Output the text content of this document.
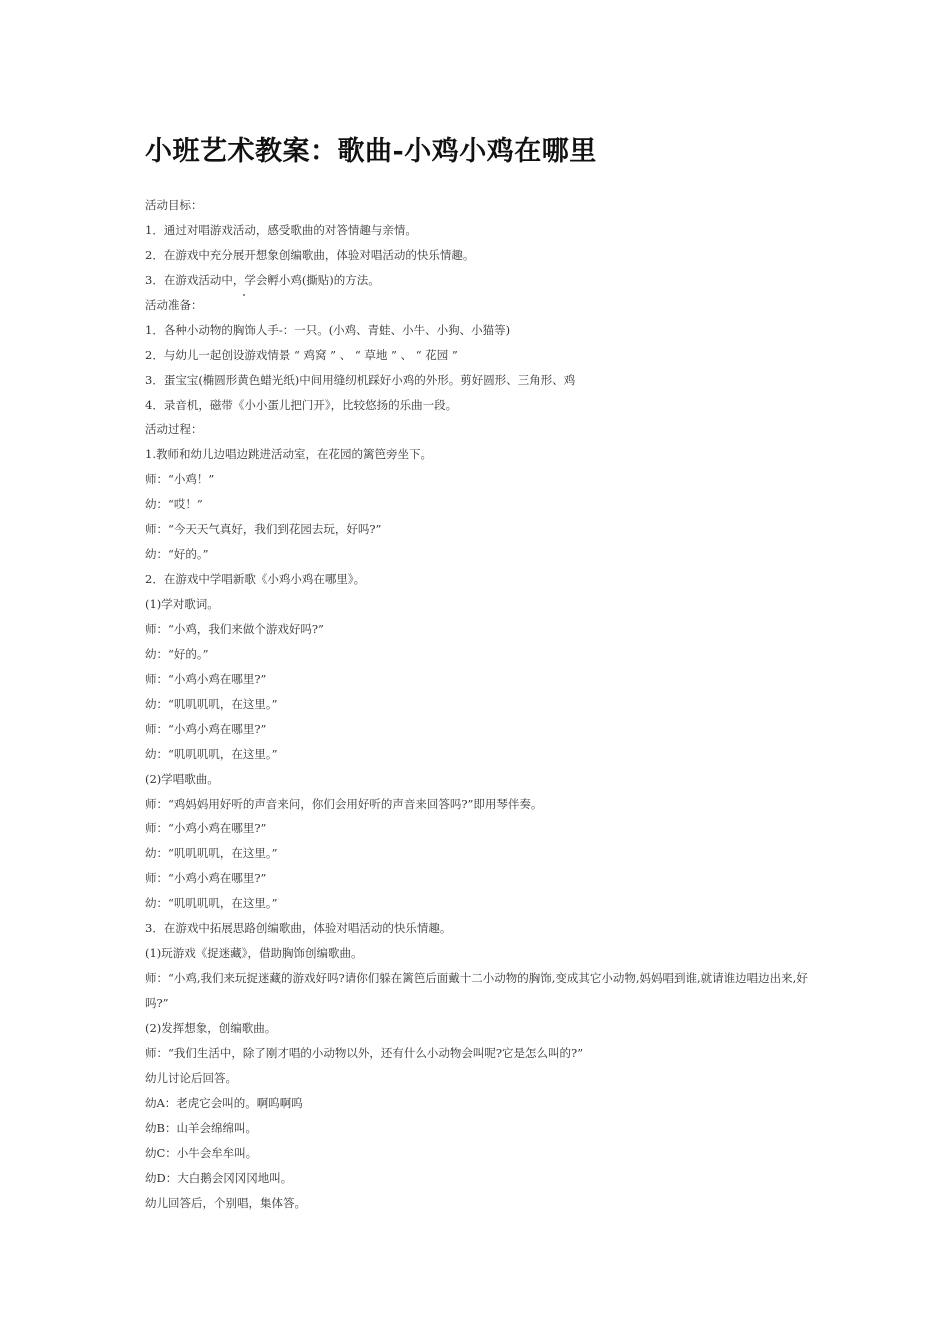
小班艺术教案：歌曲-小鸡小鸡在哪里
活动目标：
1．通过对唱游戏活动，感受歌曲的对答情趣与亲情。
2．在游戏中充分展开想象创编歌曲，体验对唱活动的快乐情趣。
3．在游戏活动中，学会孵小鸡(撕贴)的方法。
活动准备：
1．各种小动物的胸饰人手-：一只。(小鸡、青蛙、小牛、小狗、小猫等)
2．与幼儿一起创设游戏情景 “ 鸡窝 ” 、 “ 草地 ” 、 “ 花园 ”
3．蛋宝宝(椭圆形黄色蜡光纸)中间用缝纫机踩好小鸡的外形。剪好圆形、三角形、鸡
4．录音机，磁带《小小蛋儿把门开》，比较悠扬的乐曲一段。
活动过程：
1.教师和幼儿边唱边跳进活动室，在花园的篱笆旁坐下。
师：“小鸡！”
幼：“哎！”
师：“今天天气真好，我们到花园去玩，好吗?”
幼：“好的。”
2．在游戏中学唱新歌《小鸡小鸡在哪里》。
(1)学对歌词。
师：“小鸡，我们来做个游戏好吗?”
幼：“好的。”
师：“小鸡小鸡在哪里?”
幼：“叽叽叽叽，在这里。”
师：“小鸡小鸡在哪里?”
幼：“叽叽叽叽，在这里。”
(2)学唱歌曲。
师：“鸡妈妈用好听的声音来问，你们会用好听的声音来回答吗?”即用琴伴奏。
师：“小鸡小鸡在哪里?”
幼：“叽叽叽叽，在这里。”
师：“小鸡小鸡在哪里?”
幼：“叽叽叽叽，在这里。”
3．在游戏中拓展思路创编歌曲，体验对唱活动的快乐情趣。
(1)玩游戏《捉迷藏》，借助胸饰创编歌曲。
师：“小鸡,我们来玩捉迷藏的游戏好吗?请你们躲在篱笆后面戴十二小动物的胸饰,变成其它小动物,妈妈唱到谁,就请谁边唱边出来,好
吗?”
(2)发挥想象，创编歌曲。
师：“我们生活中，除了刚才唱的小动物以外，还有什么小动物会叫呢?它是怎么叫的?”
幼儿讨论后回答。
幼A：老虎它会叫的。啊呜啊呜
幼B：山羊会绵绵叫。
幼C：小牛会牟牟叫。
幼D：大白鹅会冈冈冈地叫。
幼儿回答后，个别唱，集体答。
